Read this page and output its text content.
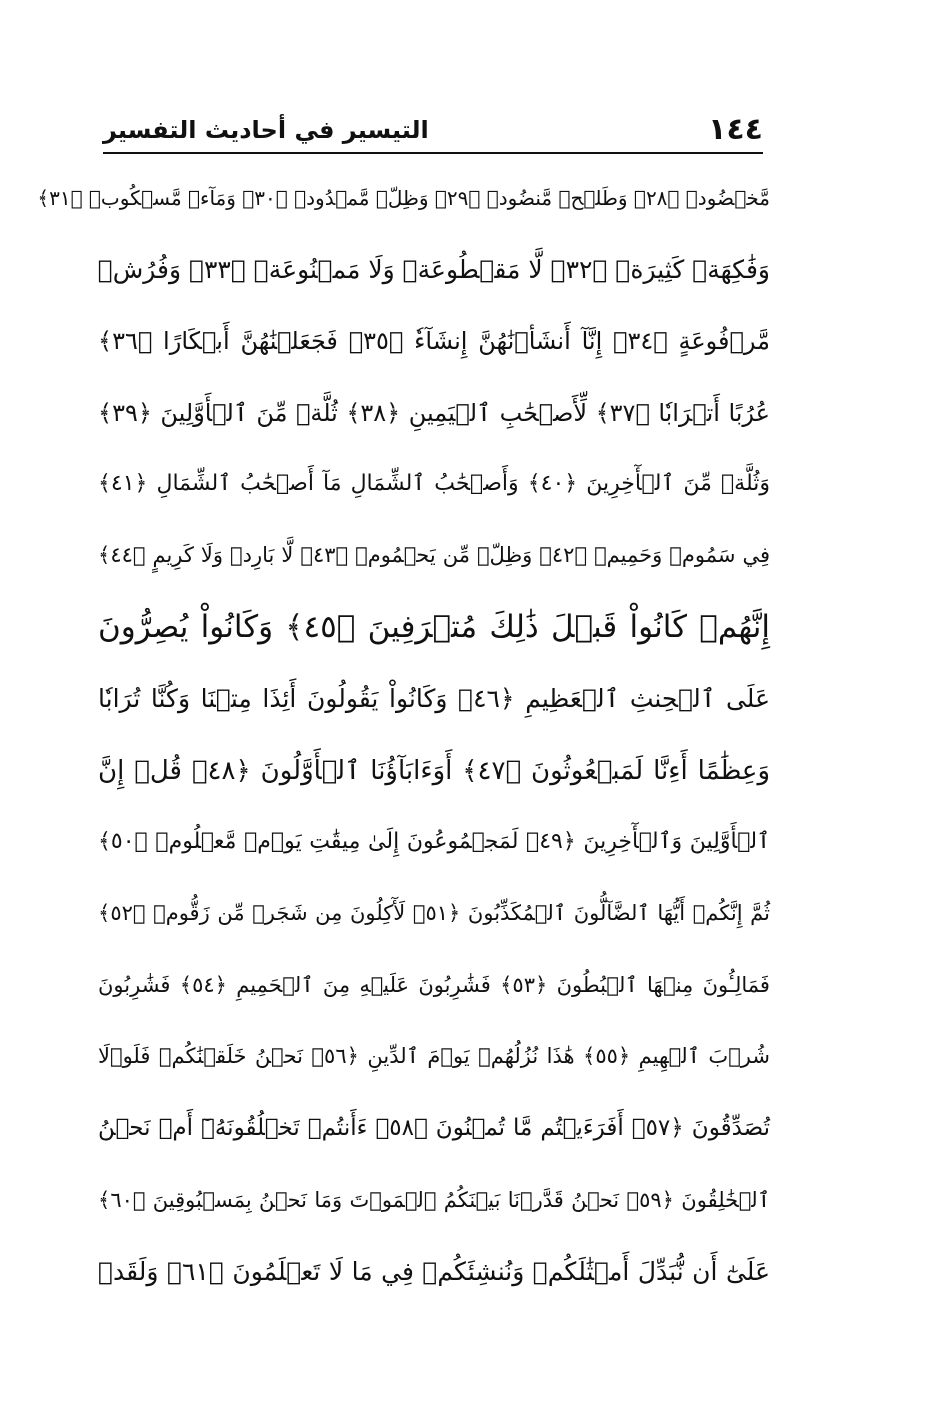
١٤٤
التيسير في أحاديث التفسير
مَّخۡضُودٖ ﴿٢٨﴾ وَطَلۡحٖ مَّنضُودٖ ﴿٢٩﴾ وَظِلّٖ مَّمۡدُودٖ ﴿٣٠﴾ وَمَآءٖ مَّسۡكُوبٖ ﴿٣١﴾
وَفَٰكِهَةٖ كَثِيرَةٖ ﴿٣٢﴾ لَّا مَقۡطُوعَةٖ وَلَا مَمۡنُوعَةٖ ﴿٣٣﴾ وَفُرُشٖ
مَّرۡفُوعَةٍ ﴿٣٤﴾ إِنَّآ أَنشَأۡنَٰهُنَّ إِنشَآءٗ ﴿٣٥﴾ فَجَعَلۡنَٰهُنَّ أَبۡكَارًا ﴿٣٦﴾
عُرُبًا أَتۡرَابٗا ﴿٣٧﴾ لِّأَصۡحَٰبِ ٱلۡيَمِينِ ﴿٣٨﴾ ثُلَّةٞ مِّنَ ٱلۡأَوَّلِينَ ﴿٣٩﴾
وَثُلَّةٞ مِّنَ ٱلۡأٓخِرِينَ ﴿٤٠﴾ وَأَصۡحَٰبُ ٱلشِّمَالِ مَآ أَصۡحَٰبُ ٱلشِّمَالِ ﴿٤١﴾
فِي سَمُومٖ وَحَمِيمٖ ﴿٤٢﴾ وَظِلّٖ مِّن يَحۡمُومٖ ﴿٤٣﴾ لَّا بَارِدٖ وَلَا كَرِيمٍ ﴿٤٤﴾
إِنَّهُمۡ كَانُواْ قَبۡلَ ذَٰلِكَ مُتۡرَفِينَ ﴿٤٥﴾ وَكَانُواْ يُصِرُّونَ
عَلَى ٱلۡحِنثِ ٱلۡعَظِيمِ ﴿٤٦﴾ وَكَانُواْ يَقُولُونَ أَئِذَا مِتۡنَا وَكُنَّا تُرَابٗا
وَعِظَٰمًا أَءِنَّا لَمَبۡعُوثُونَ ﴿٤٧﴾ أَوَءَابَآؤُنَا ٱلۡأَوَّلُونَ ﴿٤٨﴾ قُلۡ إِنَّ
ٱلۡأَوَّلِينَ وَٱلۡأٓخِرِينَ ﴿٤٩﴾ لَمَجۡمُوعُونَ إِلَىٰ مِيقَٰتِ يَوۡمٖ مَّعۡلُومٖ ﴿٥٠﴾
ثُمَّ إِنَّكُمۡ أَيُّهَا ٱلضَّآلُّونَ ٱلۡمُكَذِّبُونَ ﴿٥١﴾ لَأٓكِلُونَ مِن شَجَرٖ مِّن زَقُّومٖ ﴿٥٢﴾
فَمَالِـُٔونَ مِنۡهَا ٱلۡبُطُونَ ﴿٥٣﴾ فَشَٰرِبُونَ عَلَيۡهِ مِنَ ٱلۡحَمِيمِ ﴿٥٤﴾ فَشَٰرِبُونَ
شُرۡبَ ٱلۡهِيمِ ﴿٥٥﴾ هَٰذَا نُزُلُهُمۡ يَوۡمَ ٱلدِّينِ ﴿٥٦﴾ نَحۡنُ خَلَقۡنَٰكُمۡ فَلَوۡلَا
تُصَدِّقُونَ ﴿٥٧﴾ أَفَرَءَيۡتُم مَّا تُمۡنُونَ ﴿٥٨﴾ ءَأَنتُمۡ تَخۡلُقُونَهُۥٓ أَمۡ نَحۡنُ
ٱلۡخَٰلِقُونَ ﴿٥٩﴾ نَحۡنُ قَدَّرۡنَا بَيۡنَكُمُ ٱلۡمَوۡتَ وَمَا نَحۡنُ بِمَسۡبُوقِينَ ﴿٦٠﴾
عَلَىٰٓ أَن نُّبَدِّلَ أَمۡثَٰلَكُمۡ وَنُنشِئَكُمۡ فِي مَا لَا تَعۡلَمُونَ ﴿٦١﴾ وَلَقَدۡ
